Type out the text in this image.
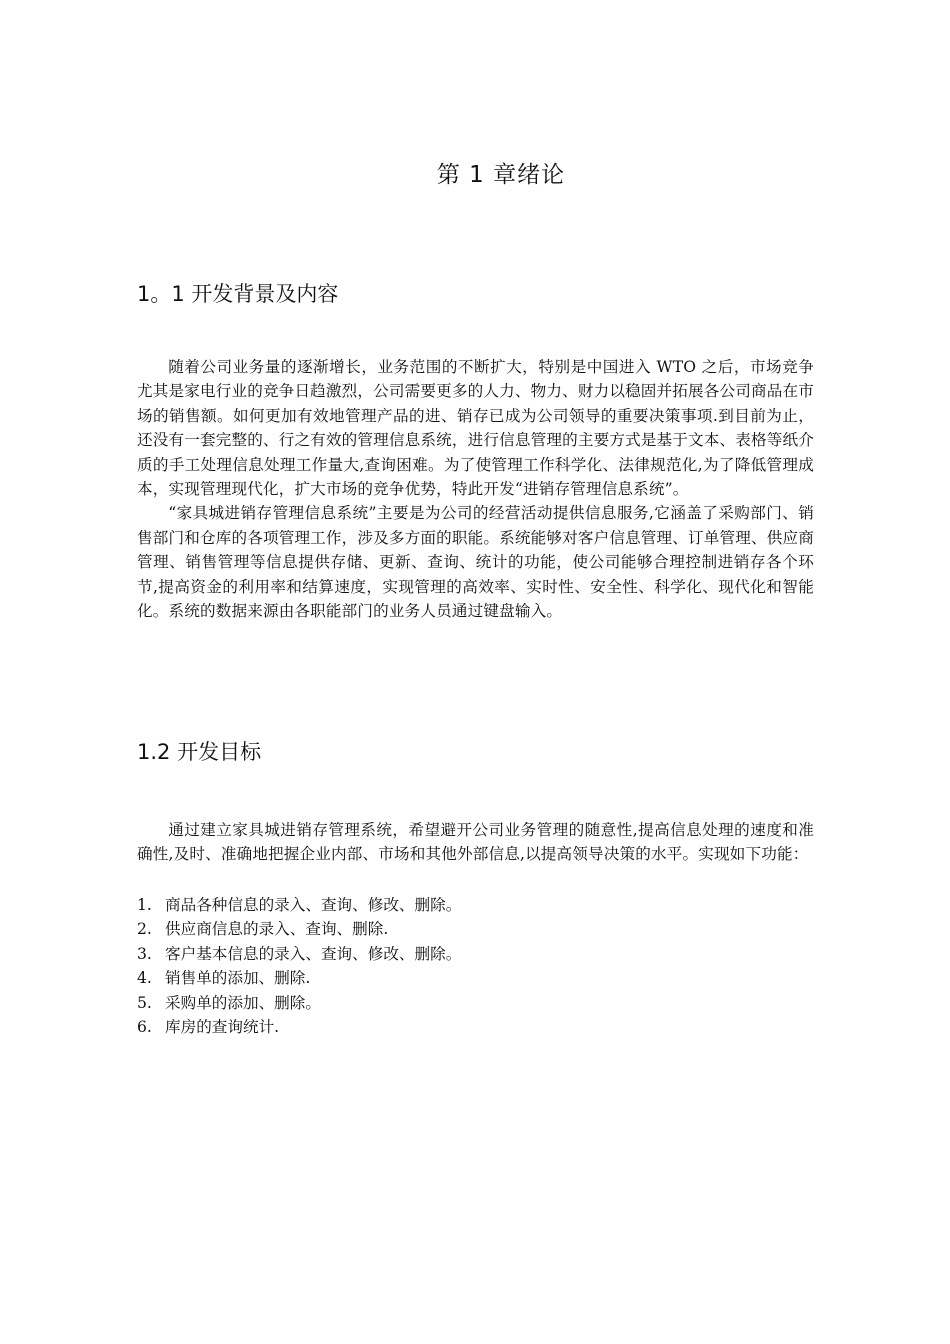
第 1 章绪论
1。1 开发背景及内容

随着公司业务量的逐渐增长，业务范围的不断扩大，特别是中国进入 WTO 之后，市场竞争尤其是家电行业的竞争日趋激烈，公司需要更多的人力、物力、财力以稳固并拓展各公司商品在市场的销售额。如何更加有效地管理产品的进、销存已成为公司领导的重要决策事项.到目前为止，还没有一套完整的、行之有效的管理信息系统，进行信息管理的主要方式是基于文本、表格等纸介质的手工处理信息处理工作量大,查询困难。为了使管理工作科学化、法律规范化,为了降低管理成本，实现管理现代化，扩大市场的竞争优势，特此开发“进销存管理信息系统”。

“家具城进销存管理信息系统”主要是为公司的经营活动提供信息服务,它涵盖了采购部门、销售部门和仓库的各项管理工作，涉及多方面的职能。系统能够对客户信息管理、订单管理、供应商管理、销售管理等信息提供存储、更新、查询、统计的功能，使公司能够合理控制进销存各个环节,提高资金的利用率和结算速度，实现管理的高效率、实时性、安全性、科学化、现代化和智能化。系统的数据来源由各职能部门的业务人员通过键盘输入。

1.2 开发目标

通过建立家具城进销存管理系统，希望避开公司业务管理的随意性,提高信息处理的速度和准确性,及时、准确地把握企业内部、市场和其他外部信息,以提高领导决策的水平。实现如下功能：

1. 商品各种信息的录入、查询、修改、删除。
2. 供应商信息的录入、查询、删除.
3. 客户基本信息的录入、查询、修改、删除。
4. 销售单的添加、删除.
5. 采购单的添加、删除。
6. 库房的查询统计.
